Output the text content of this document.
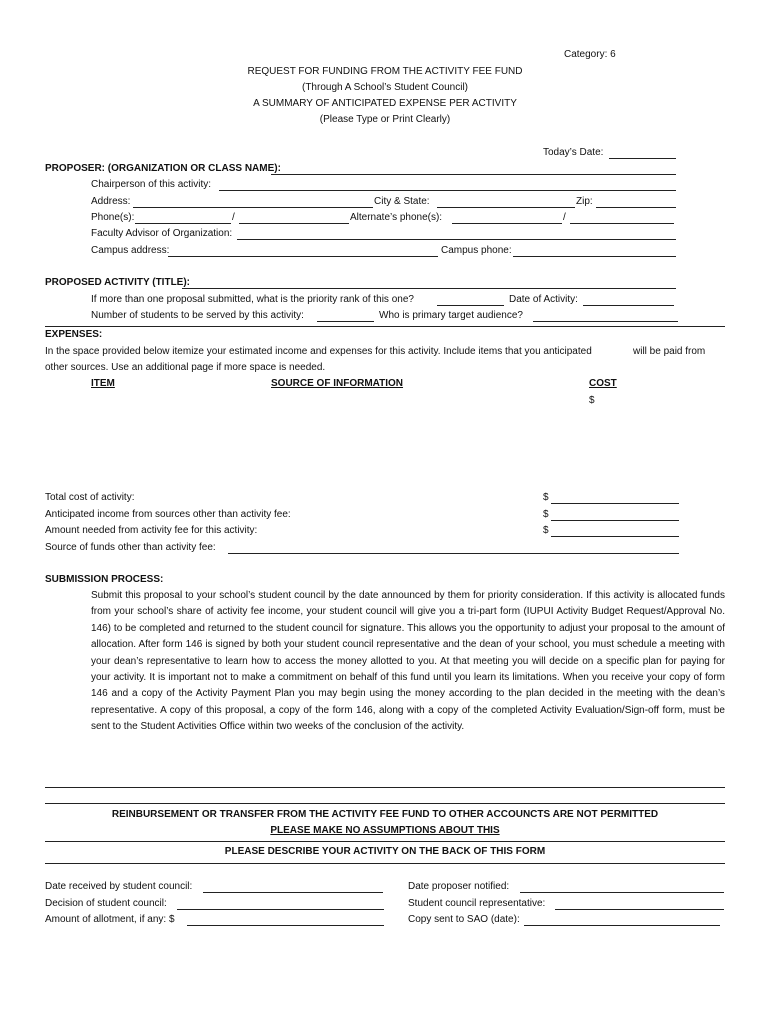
Category: 6
REQUEST FOR FUNDING FROM THE ACTIVITY FEE FUND
(Through A School’s Student Council)
A SUMMARY OF ANTICIPATED EXPENSE PER ACTIVITY
(Please Type or Print Clearly)
Today’s Date:
PROPOSER: (ORGANIZATION OR CLASS NAME):
Chairperson of this activity:
Address:	City & State:	Zip:
Phone(s):	/	Alternate’s phone(s):	/
Faculty Advisor of Organization:
Campus address:	Campus phone:
PROPOSED ACTIVITY (TITLE):
If more than one proposal submitted, what is the priority rank of this one?	Date of Activity:
Number of students to be served by this activity:	Who is primary target audience?
EXPENSES:
In the space provided below itemize your estimated income and expenses for this activity. Include items that you anticipated	will be paid from
other sources. Use an additional page if more space is needed.
ITEM	SOURCE OF INFORMATION	COST
$
Total cost of activity:	$
Anticipated income from sources other than activity fee:	$
Amount needed from activity fee for this activity:	$
Source of funds other than activity fee:
SUBMISSION PROCESS:
Submit this proposal to your school’s student council by the date announced by them for priority consideration. If this activity is allocated funds from your school’s share of activity fee income, your student council will give you a tri-part form (IUPUI Activity Budget Request/Approval No. 146) to be completed and returned to the student council for signature. This allows you the opportunity to adjust your proposal to the amount of allocation. After form 146 is signed by both your student council representative and the dean of your school, you must schedule a meeting with your dean’s representative to learn how to access the money allotted to you. At that meeting you will decide on a specific plan for paying for your activity. It is important not to make a commitment on behalf of this fund until you learn its limitations. When you receive your copy of form 146 and a copy of the Activity Payment Plan you may begin using the money according to the plan decided in the meeting with the dean’s representative. A copy of this proposal, a copy of the form 146, along with a copy of the completed Activity Evaluation/Sign-off form, must be sent to the Student Activities Office within two weeks of the conclusion of the activity.
REINBURSEMENT OR TRANSFER FROM THE ACTIVITY FEE FUND TO OTHER ACCOUNCTS ARE NOT PERMITTED
PLEASE MAKE NO ASSUMPTIONS ABOUT THIS
PLEASE DESCRIBE YOUR ACTIVITY ON THE BACK OF THIS FORM
Date received by student council:	Date proposer notified:
Decision of student council:	Student council representative:
Amount of allotment, if any: $	Copy sent to SAO (date):
